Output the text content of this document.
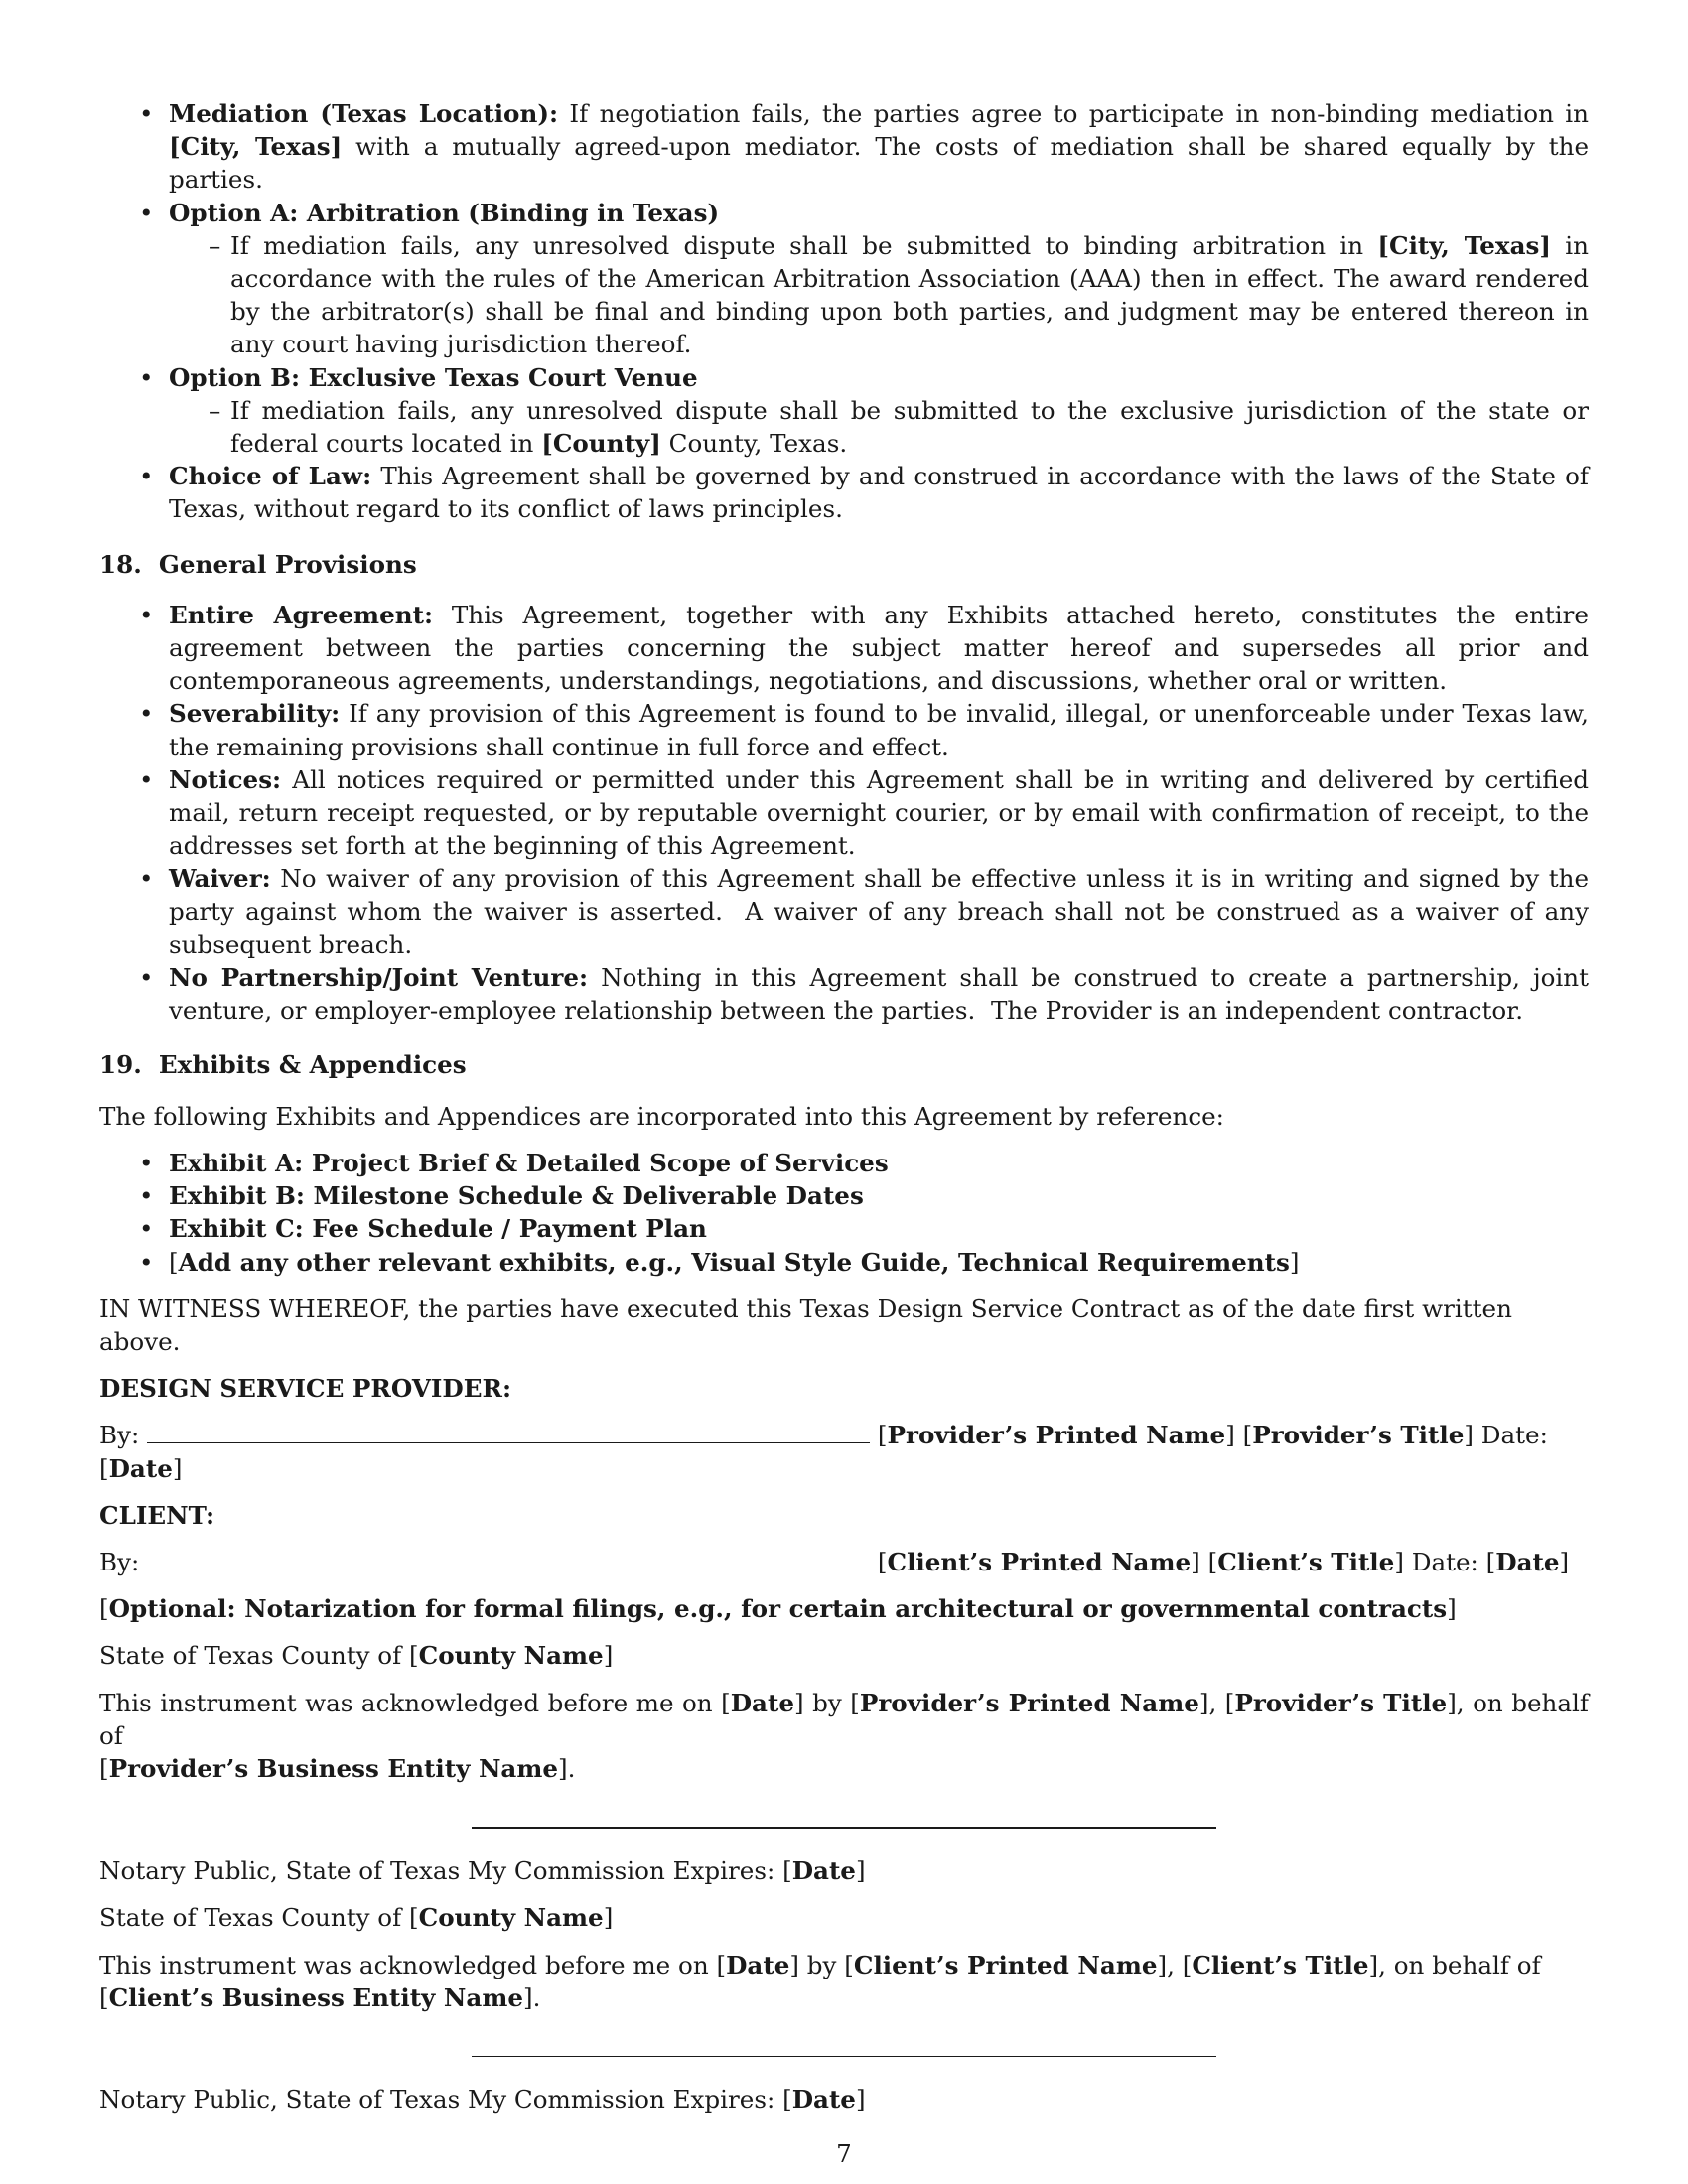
• Mediation (Texas Location): If negotiation fails, the parties agree to participate in non-binding mediation in [City, Texas] with a mutually agreed-upon mediator. The costs of mediation shall be shared equally by the parties.
• Option A: Arbitration (Binding in Texas)
– If mediation fails, any unresolved dispute shall be submitted to binding arbitration in [City, Texas] in accordance with the rules of the American Arbitration Association (AAA) then in effect. The award rendered by the arbitrator(s) shall be final and binding upon both parties, and judgment may be entered thereon in any court having jurisdiction thereof.
• Option B: Exclusive Texas Court Venue
– If mediation fails, any unresolved dispute shall be submitted to the exclusive jurisdiction of the state or federal courts located in [County] County, Texas.
• Choice of Law: This Agreement shall be governed by and construed in accordance with the laws of the State of Texas, without regard to its conflict of laws principles.

18.  General Provisions

• Entire Agreement: This Agreement, together with any Exhibits attached hereto, constitutes the entire agreement between the parties concerning the subject matter hereof and supersedes all prior and contemporaneous agreements, understandings, negotiations, and discussions, whether oral or written.
• Severability: If any provision of this Agreement is found to be invalid, illegal, or unenforceable under Texas law, the remaining provisions shall continue in full force and effect.
• Notices: All notices required or permitted under this Agreement shall be in writing and delivered by certified mail, return receipt requested, or by reputable overnight courier, or by email with confirmation of receipt, to the addresses set forth at the beginning of this Agreement.
• Waiver: No waiver of any provision of this Agreement shall be effective unless it is in writing and signed by the party against whom the waiver is asserted.  A waiver of any breach shall not be construed as a waiver of any subsequent breach.
• No Partnership/Joint Venture: Nothing in this Agreement shall be construed to create a partnership, joint venture, or employer-employee relationship between the parties.  The Provider is an independent contractor.

19.  Exhibits & Appendices

The following Exhibits and Appendices are incorporated into this Agreement by reference:

• Exhibit A: Project Brief & Detailed Scope of Services
• Exhibit B: Milestone Schedule & Deliverable Dates
• Exhibit C: Fee Schedule / Payment Plan
• [Add any other relevant exhibits, e.g., Visual Style Guide, Technical Requirements]

IN WITNESS WHEREOF, the parties have executed this Texas Design Service Contract as of the date first written above.

DESIGN SERVICE PROVIDER:

By:	[Provider’s Printed Name] [Provider’s Title] Date:
[Date]

CLIENT:

By:	[Client’s Printed Name] [Client’s Title] Date: [Date]

[Optional: Notarization for formal filings, e.g., for certain architectural or governmental contracts]

State of Texas County of [County Name]

This instrument was acknowledged before me on [Date] by [Provider’s Printed Name], [Provider’s Title], on behalf of
[Provider’s Business Entity Name].

Notary Public, State of Texas My Commission Expires: [Date]

State of Texas County of [County Name]

This instrument was acknowledged before me on [Date] by [Client’s Printed Name], [Client’s Title], on behalf of
[Client’s Business Entity Name].

Notary Public, State of Texas My Commission Expires: [Date]

7
